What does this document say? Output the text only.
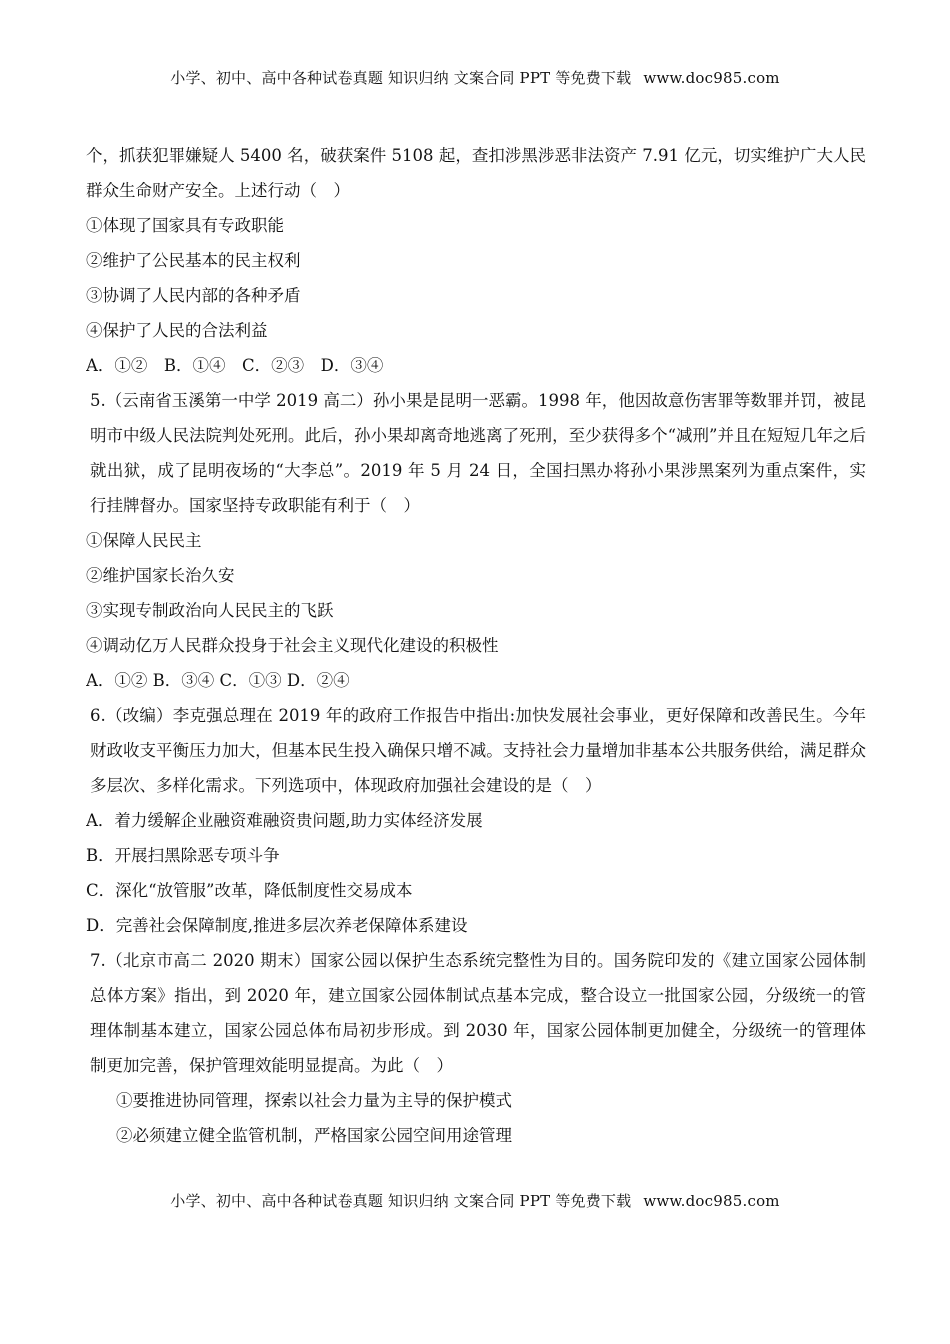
小学、初中、高中各种试卷真题 知识归纳 文案合同 PPT 等免费下载 www.doc985.com
个，抓获犯罪嫌疑人 5400 名，破获案件 5108 起，查扣涉黑涉恶非法资产 7.91 亿元，切实维护广大人民群众生命财产安全。上述行动（　）
①体现了国家具有专政职能
②维护了公民基本的民主权利
③协调了人民内部的各种矛盾
④保护了人民的合法利益
A．①②　B．①④　C．②③　D．③④
5.（云南省玉溪第一中学 2019 高二）孙小果是昆明一恶霸。1998 年，他因故意伤害罪等数罪并罚，被昆明市中级人民法院判处死刑。此后，孙小果却离奇地逃离了死刑，至少获得多个“减刑”并且在短短几年之后就出狱，成了昆明夜场的“大李总”。2019 年 5 月 24 日，全国扫黑办将孙小果涉黑案列为重点案件，实行挂牌督办。国家坚持专政职能有利于（　）
①保障人民民主
②维护国家长治久安
③实现专制政治向人民民主的飞跃
④调动亿万人民群众投身于社会主义现代化建设的积极性
A．①② B．③④ C．①③ D．②④
6.（改编）李克强总理在 2019 年的政府工作报告中指出:加快发展社会事业，更好保障和改善民生。今年财政收支平衡压力加大，但基本民生投入确保只增不减。支持社会力量增加非基本公共服务供给，满足群众多层次、多样化需求。下列选项中，体现政府加强社会建设的是（　）
A．着力缓解企业融资难融资贵问题,助力实体经济发展
B．开展扫黑除恶专项斗争
C．深化“放管服”改革，降低制度性交易成本
D．完善社会保障制度,推进多层次养老保障体系建设
7.（北京市高二 2020 期末）国家公园以保护生态系统完整性为目的。国务院印发的《建立国家公园体制总体方案》指出，到 2020 年，建立国家公园体制试点基本完成，整合设立一批国家公园，分级统一的管理体制基本建立，国家公园总体布局初步形成。到 2030 年，国家公园体制更加健全，分级统一的管理体制更加完善，保护管理效能明显提高。为此（　）
①要推进协同管理，探索以社会力量为主导的保护模式
②必须建立健全监管机制，严格国家公园空间用途管理
小学、初中、高中各种试卷真题 知识归纳 文案合同 PPT 等免费下载 www.doc985.com
